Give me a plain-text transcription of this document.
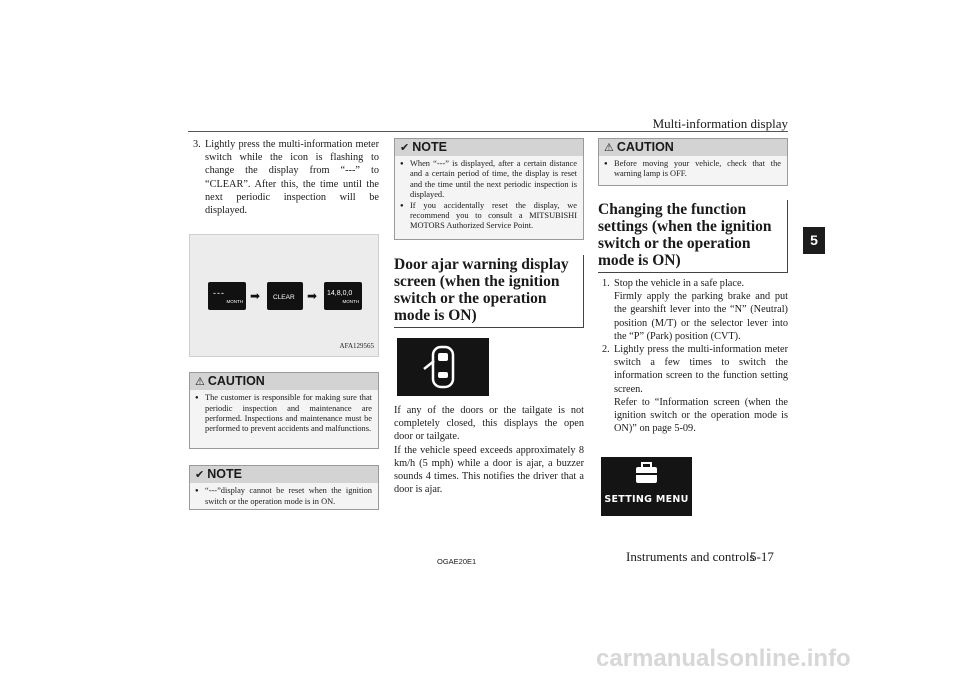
Multi-information display
5
3. Lightly press the multi-information meter switch while the icon is flashing to change the display from “---” to “CLEAR”. After this, the time until the next periodic inspection will be displayed.
---
MONTH ➡ CLEAR ➡ 14,8,0,0
MONTH
AFA129565
⚠ CAUTION
● The customer is responsible for making sure that periodic inspection and maintenance are performed. Inspections and maintenance must be performed to prevent accidents and malfunctions.
✔ NOTE
● “---”display cannot be reset when the ignition switch or the operation mode is in ON.
✔ NOTE
● When “---” is displayed, after a certain distance and a certain period of time, the display is reset and the time until the next periodic inspection is displayed.
● If you accidentally reset the display, we recommend you to consult a MITSUBISHI MOTORS Authorized Service Point.
Door ajar warning display screen (when the ignition switch or the operation mode is ON)
If any of the doors or the tailgate is not completely closed, this displays the open door or tailgate.
If the vehicle speed exceeds approximately 8 km/h (5 mph) while a door is ajar, a buzzer sounds 4 times. This notifies the driver that a door is ajar.
⚠ CAUTION
● Before moving your vehicle, check that the warning lamp is OFF.
Changing the function settings (when the ignition switch or the operation mode is ON)
1. Stop the vehicle in a safe place.
Firmly apply the parking brake and put the gearshift lever into the “N” (Neutral) position (M/T) or the selector lever into the “P” (Park) position (CVT).
2. Lightly press the multi-information meter switch a few times to switch the information screen to the function setting screen.
Refer to “Information screen (when the ignition switch or the operation mode is ON)” on page 5-09.
SETTING MENU
OGAE20E1	Instruments and controls
5-17
carmanualsonline.info
